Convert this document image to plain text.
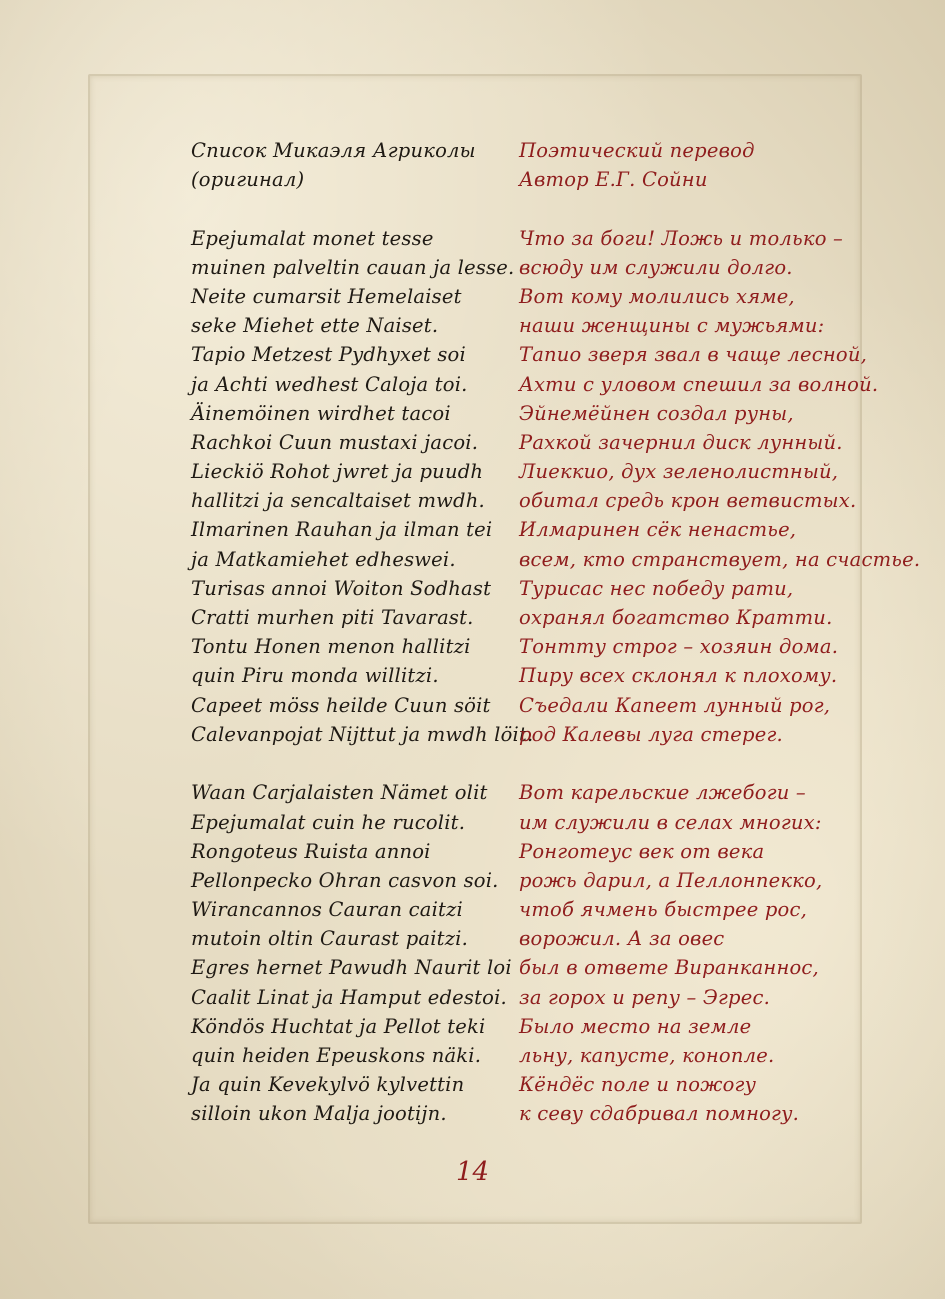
Список Микаэля Агриколы
(оригинал)
Epejumalat monet tesse
muinen palveltin cauan ja lesse.
Neite cumarsit Hemelaiset
seke Miehet ette Naiset.
Tapio Metzest Pydhyxet soi
ja Achti wedhest Caloja toi.
Äinemöinen wirdhet tacoi
Rachkoi Cuun mustaxi jacoi.
Lieckiö Rohot jwret ja puudh
hallitzi ja sencaltaiset mwdh.
Ilmarinen Rauhan ja ilman tei
ja Matkamiehet edheswei.
Turisas annoi Woiton Sodhast
Cratti murhen piti Tavarast.
Tontu Honen menon hallitzi
quin Piru monda willitzi.
Capeet möss heilde Cuun söit
Calevanpojat Nijttut ja mwdh löit.
Waan Carjalaisten Nämet olit
Epejumalat cuin he rucolit.
Rongoteus Ruista annoi
Pellonpecko Ohran casvon soi.
Wirancannos Cauran caitzi
mutoin oltin Caurast paitzi.
Egres hernet Pawudh Naurit loi
Caalit Linat ja Hamput edestoi.
Köndös Huchtat ja Pellot teki
quin heiden Epeuskons näki.
Ja quin Kevekylvö kylvettin
silloin ukon Malja jootijn.
Поэтический перевод
Автор Е.Г. Сойни
Что за боги! Ложь и только –
всюду им служили долго.
Вот кому молились хяме,
наши женщины с мужьями:
Тапио зверя звал в чаще лесной,
Ахти с уловом спешил за волной.
Эйнемёйнен создал руны,
Рахкой зачернил диск лунный.
Лиеккио, дух зеленолистный,
обитал средь крон ветвистых.
Илмаринен сёк ненастье,
всем, кто странствует, на счастье.
Турисас нес победу рати,
охранял богатство Кратти.
Тонтту строг – хозяин дома.
Пиру всех склонял к плохому.
Съедали Капеет лунный рог,
род Калевы луга стерег.
Вот карельские лжебоги –
им служили в селах многих:
Ронготеус век от века
рожь дарил, а Пеллонпекко,
чтоб ячмень быстрее рос,
ворожил. А за овес
был в ответе Виранканнос,
за горох и репу – Эгрес.
Было место на земле
льну, капусте, конопле.
Кёндёс поле и пожогу
к севу сдабривал помногу.
14
